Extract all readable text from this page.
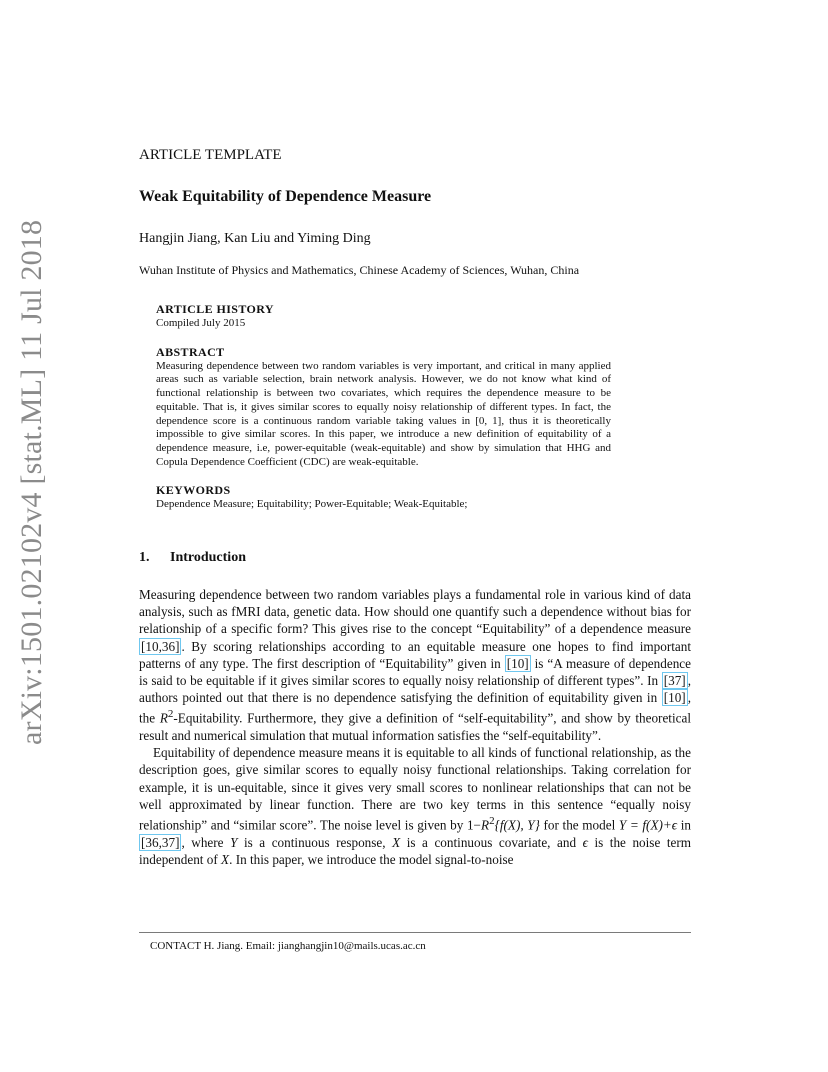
arXiv:1501.02102v4 [stat.ML] 11 Jul 2018
ARTICLE TEMPLATE
Weak Equitability of Dependence Measure
Hangjin Jiang, Kan Liu and Yiming Ding
Wuhan Institute of Physics and Mathematics, Chinese Academy of Sciences, Wuhan, China
ARTICLE HISTORY
Compiled July 2015
ABSTRACT
Measuring dependence between two random variables is very important, and critical in many applied areas such as variable selection, brain network analysis. However, we do not know what kind of functional relationship is between two covariates, which requires the dependence measure to be equitable. That is, it gives similar scores to equally noisy relationship of different types. In fact, the dependence score is a continuous random variable taking values in [0, 1], thus it is theoretically impossible to give similar scores. In this paper, we introduce a new definition of equitability of a dependence measure, i.e, power-equitable (weak-equitable) and show by simulation that HHG and Copula Dependence Coefficient (CDC) are weak-equitable.
KEYWORDS
Dependence Measure; Equitability; Power-Equitable; Weak-Equitable;
1. Introduction

Measuring dependence between two random variables plays a fundamental role in various kind of data analysis, such as fMRI data, genetic data. How should one quantify such a dependence without bias for relationship of a specific form? This gives rise to the concept “Equitability” of a dependence measure [10,36] . By scoring relationships according to an equitable measure one hopes to find important patterns of any type. The first description of “Equitability” given in [10] is “A measure of dependence is said to be equitable if it gives similar scores to equally noisy relationship of different types”. In [37] , authors pointed out that there is no dependence satisfying the definition of equitability given in [10] , the $R^2$-Equitability. Furthermore, they give a definition of “self-equitability”, and show by theoretical result and numerical simulation that mutual information satisfies the “self-equitability”.

Equitability of dependence measure means it is equitable to all kinds of functional relationship, as the description goes, give similar scores to equally noisy functional relationships. Taking correlation for example, it is un-equitable, since it gives very small scores to nonlinear relationships that can not be well approximated by linear function. There are two key terms in this sentence “equally noisy relationship” and “similar score”. The noise level is given by $1-R^2\{f(X)$, Y} for the model Y = f(X)+ϵ in [36,37] , where Y is a continuous response, X is a continuous covariate, and ϵ is the noise term independent of X. In this paper, we introduce the model signal-to-noise

CONTACT H. Jiang. Email: jianghangjin10@mails.ucas.ac.cn
